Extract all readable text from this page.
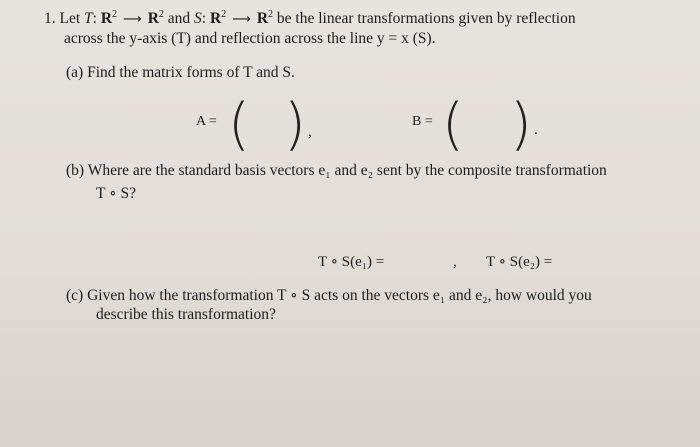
1. Let T: $R^2$ ⟶ $R^2$ and S: $R^2$ ⟶ $R^2$ be the linear transformations given by reflection
across the y-axis (T) and reflection across the line y = x (S).
(a) Find the matrix forms of T and S.
A = ( ) ,
B = ( ) .
(b) Where are the standard basis vectors e₁ and e₂ sent by the composite transformation
T ∘ S?
T ∘ S(e₁) =	, T ∘ S(e₂) =
(c) Given how the transformation T ∘ S acts on the vectors e₁ and e₂, how would you
describe this transformation?
